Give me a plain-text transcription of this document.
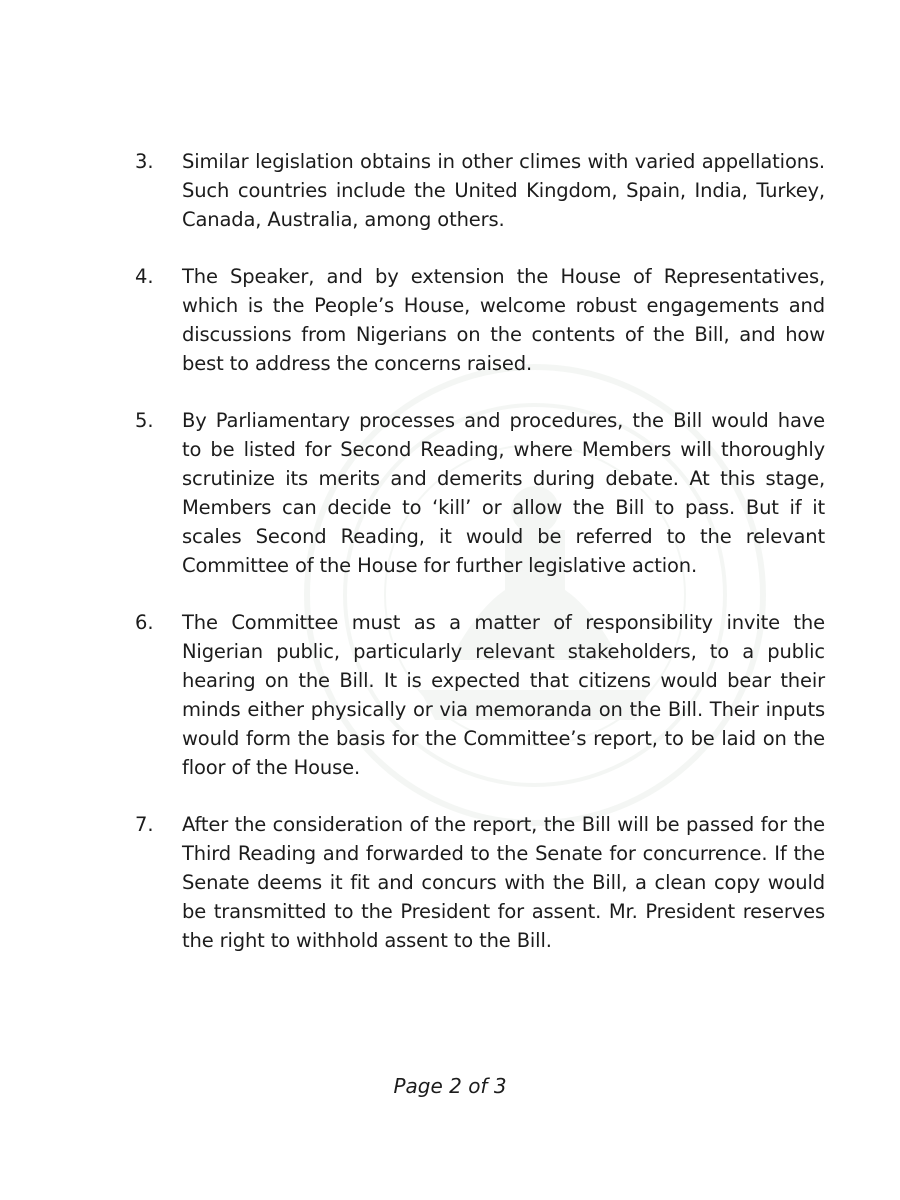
3.	Similar legislation obtains in other climes with varied appellations. Such countries include the United Kingdom, Spain, India, Turkey, Canada, Australia, among others.
4.	The Speaker, and by extension the House of Representatives, which is the People’s House, welcome robust engagements and discussions from Nigerians on the contents of the Bill, and how best to address the concerns raised.
5.	By Parliamentary processes and procedures, the Bill would have to be listed for Second Reading, where Members will thoroughly scrutinize its merits and demerits during debate. At this stage, Members can decide to ‘kill’ or allow the Bill to pass. But if it scales Second Reading, it would be referred to the relevant Committee of the House for further legislative action.
6.	The Committee must as a matter of responsibility invite the Nigerian public, particularly relevant stakeholders, to a public hearing on the Bill. It is expected that citizens would bear their minds either physically or via memoranda on the Bill. Their inputs would form the basis for the Committee’s report, to be laid on the floor of the House.
7.	After the consideration of the report, the Bill will be passed for the Third Reading and forwarded to the Senate for concurrence. If the Senate deems it fit and concurs with the Bill, a clean copy would be transmitted to the President for assent. Mr. President reserves the right to withhold assent to the Bill.
Page 2 of 3
